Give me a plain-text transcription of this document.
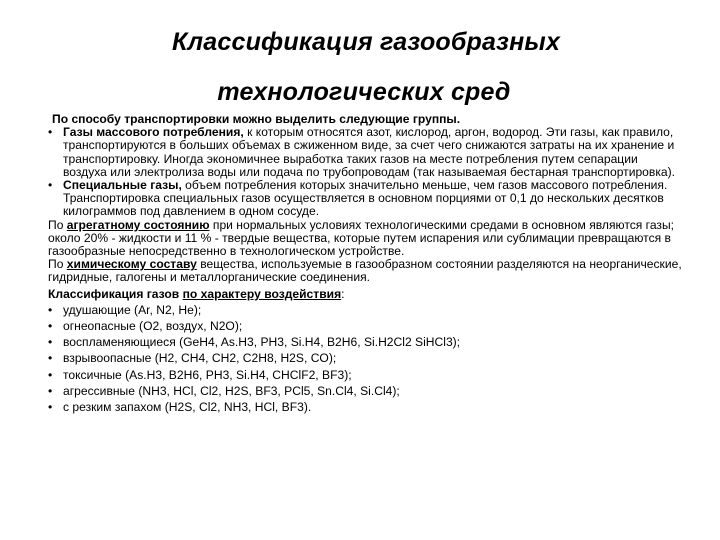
Классификация газообразных
технологических сред
По способу транспортировки можно выделить следующие группы.
• Газы массового потребления, к которым относятся азот, кислород, аргон, водород. Эти газы, как правило, транспортируются в больших объемах в сжиженном виде, за счет чего снижаются затраты на их хранение и транспортировку. Иногда экономичнее выработка таких газов на месте потребления путем сепарации воздуха или электролиза воды или подача по трубопроводам (так называемая бестарная транспортировка).
• Специальные газы, объем потребления которых значительно меньше, чем газов массового потребления. Транспортировка специальных газов осуществляется в основном порциями от 0,1 до нескольких десятков килограммов под давлением в одном сосуде.
По агрегатному состоянию при нормальных условиях технологическими средами в основном являются газы; около 20% - жидкости и 11 % - твердые вещества, которые путем испарения или сублимации превращаются в газообразные непосредственно в технологическом устройстве.
По химическому составу вещества, используемые в газообразном состоянии разделяются на неорганические, гидридные, галогены и металлорганические соединения.
Классификация газов по характеру воздействия:
• удушающие (Ar, N2, He);
• огнеопасные (O2, воздух, N2O);
• воспламеняющиеся (GeH4, As.H3, PH3, Si.H4, B2H6, Si.H2Cl2 SiHCl3);
• взрывоопасные (H2, CH4, CH2, C2H8, H2S, CO);
• токсичные (As.H3, B2H6, PH3, Si.H4, CHClF2, BF3);
• агрессивные (NH3, HCl, Cl2, H2S, BF3, PCl5, Sn.Cl4, Si.Cl4);
• с резким запахом (H2S, Cl2, NH3, HCl, BF3).
